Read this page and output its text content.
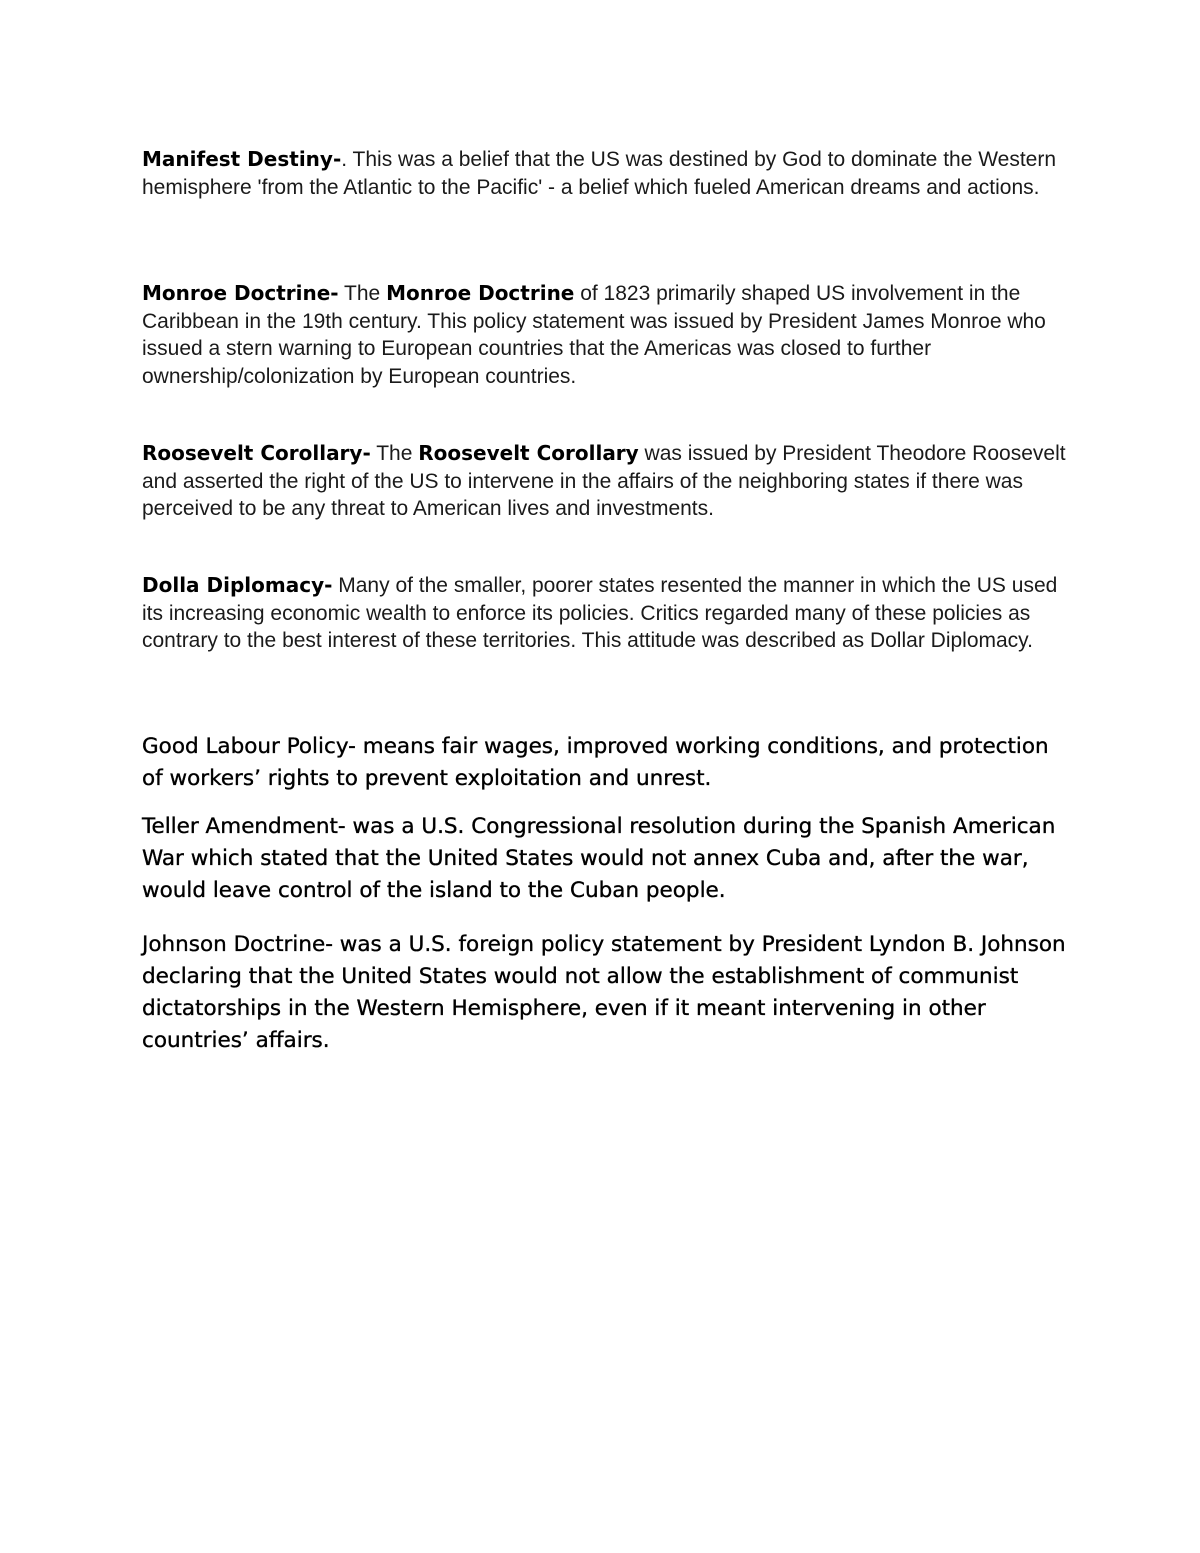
Manifest Destiny-. This was a belief that the US was destined by God to dominate the Western hemisphere 'from the Atlantic to the Pacific' - a belief which fueled American dreams and actions.

Monroe Doctrine- The Monroe Doctrine of 1823 primarily shaped US involvement in the Caribbean in the 19th century. This policy statement was issued by President James Monroe who issued a stern warning to European countries that the Americas was closed to further ownership/colonization by European countries.

Roosevelt Corollary- The Roosevelt Corollary was issued by President Theodore Roosevelt and asserted the right of the US to intervene in the affairs of the neighboring states if there was perceived to be any threat to American lives and investments.

Dolla Diplomacy- Many of the smaller, poorer states resented the manner in which the US used its increasing economic wealth to enforce its policies. Critics regarded many of these policies as contrary to the best interest of these territories. This attitude was described as Dollar Diplomacy.

Good Labour Policy- means fair wages, improved working conditions, and protection of workers’ rights to prevent exploitation and unrest.

Teller Amendment- was a U.S. Congressional resolution during the Spanish American War which stated that the United States would not annex Cuba and, after the war, would leave control of the island to the Cuban people.

Johnson Doctrine- was a U.S. foreign policy statement by President Lyndon B. Johnson declaring that the United States would not allow the establishment of communist dictatorships in the Western Hemisphere, even if it meant intervening in other countries’ affairs.
